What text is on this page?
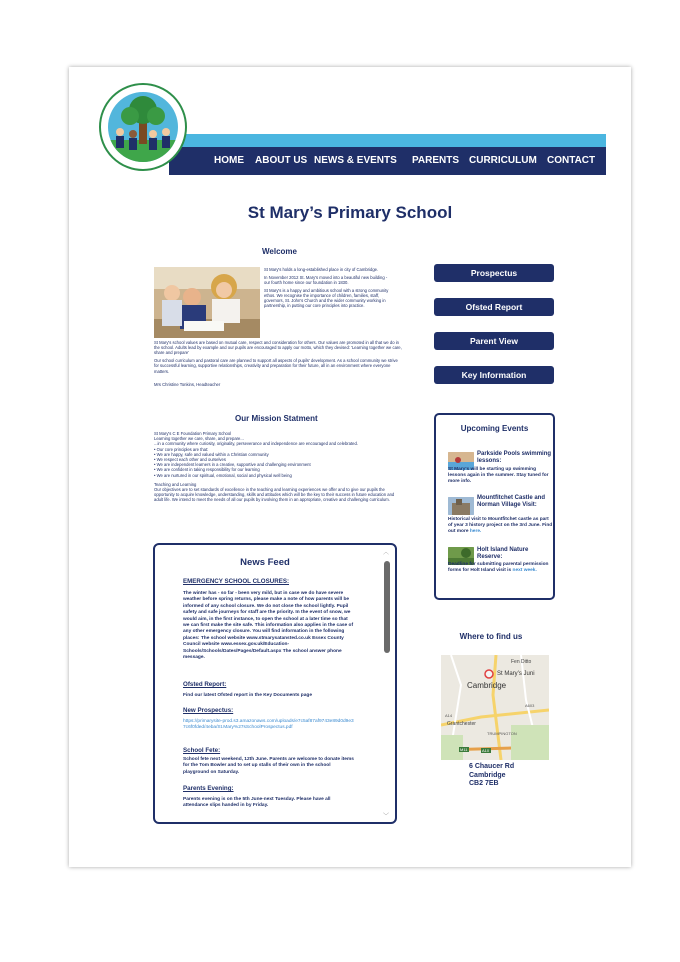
HOME ABOUT US NEWS & EVENTS PARENTS CURRICULUM CONTACT
St Mary’s Primary School
Welcome

St Mary's holds a long-established place in city of Cambridge.

In November 2012 St. Mary's moved into a beautiful new building - our fourth home since our foundation in 1830.

St Mary's is a happy and ambitious school with a strong community ethos. We recognise the importance of children, families, staff, governors, St. John's Church and the wider community working in partnership, in putting our core principles into practice.

St Mary's school values are based on mutual care, respect and consideration for others. Our values are promoted in all that we do in the school. Adults lead by example and our pupils are encouraged to apply our motto, which they devised: 'Learning together we care, share and prepare'

Our school curriculum and pastoral care are planned to support all aspects of pupils' development. As a school community we strive for successful learning, supportive relationships, creativity and preparation for their future, all in an environment where everyone matters.

Mrs Christine Tonkins, Headteacher

Our Mission Statment
St Mary's C E Foundation Primary School
Learning together we care, share, and prepare...
...in a community where curiosity, originality, perseverance and independence are encouraged and celebrated.
• Our core principles are that:
• We are happy, safe and valued within a Christian community
• We respect each other and ourselves
• We are independent learners in a creative, supportive and challenging environment
• We are confident in taking responsibility for our learning
• We are nurtured in our spiritual, emotional, social and physical well being
Teaching and Learning
Our objectives are to set standards of excellence in the teaching and learning experiences we offer and to give our pupils the opportunity to acquire knowledge, understanding, skills and attitudes which will be the key to their success in future education and adult life. We intend to meet the needs of all our pupils by involving them in an appropriate, creative and challenging curriculum.
Prospectus
Ofsted Report
Parent View
Key Information
Upcoming Events
Parkside Pools swimming lessons:
St Mary's will be starting up swimming lessons again in the summer. Stay tuned for more info.
Mountfitchet Castle and Norman Village Visit:
Historical visit to Mountfitchet castle as part of year 3 history project on the 3rd June. Find out more here.
Holt Island Nature Reserve:
Deadline for submitting parental permission forms for Holt Island visit is next week.
Where to find us
Fen Ditto
Cambridge
St Mary’s Juni
Grantchester
TRUMPINGTON
A14
M11	A10
A603
6 Chaucer Rd
Cambridge
CB2 7EB
News Feed
EMERGENCY SCHOOL CLOSURES:
The winter has - so far - been very mild, but in case we do have severe weather before spring returns, please make a note of how parents will be informed of any school closure. We do not close the school lightly. Pupil safety and safe journeys for staff are the priority. In the event of snow, we would aim, in the first instance, to open the school at a later time so that we can first make the site safe. This information also applies in the case of any other emergency closure. You will find information in the following places: The school website www.stmarysatansted.co.uk Essex County Council website www.essex.gov.uk/Education-Schools/Schools/Dates/Pages/Default.aspx The school answer phone message.
Ofsted Report:
Find our latest Ofsted report in the Key Documents page
New Prospectus:
https://primarysite-prod.s3.amazonaws.com/uploads/e7c5af87af9743e89d0d9e37c6f0fded/4eba/St.Mary%27sSchoolProspectus.pdf
School Fete:
School fete next weekend, 12th June. Parents are welcome to donate items for the Tom Bowler and to set up stalls of their own in the school playground on Saturday.
Parents Evening:
Parents evening is on the 5th June-next Tuesday. Please have all attendance slips handed in by Friday.
︿
﹀
